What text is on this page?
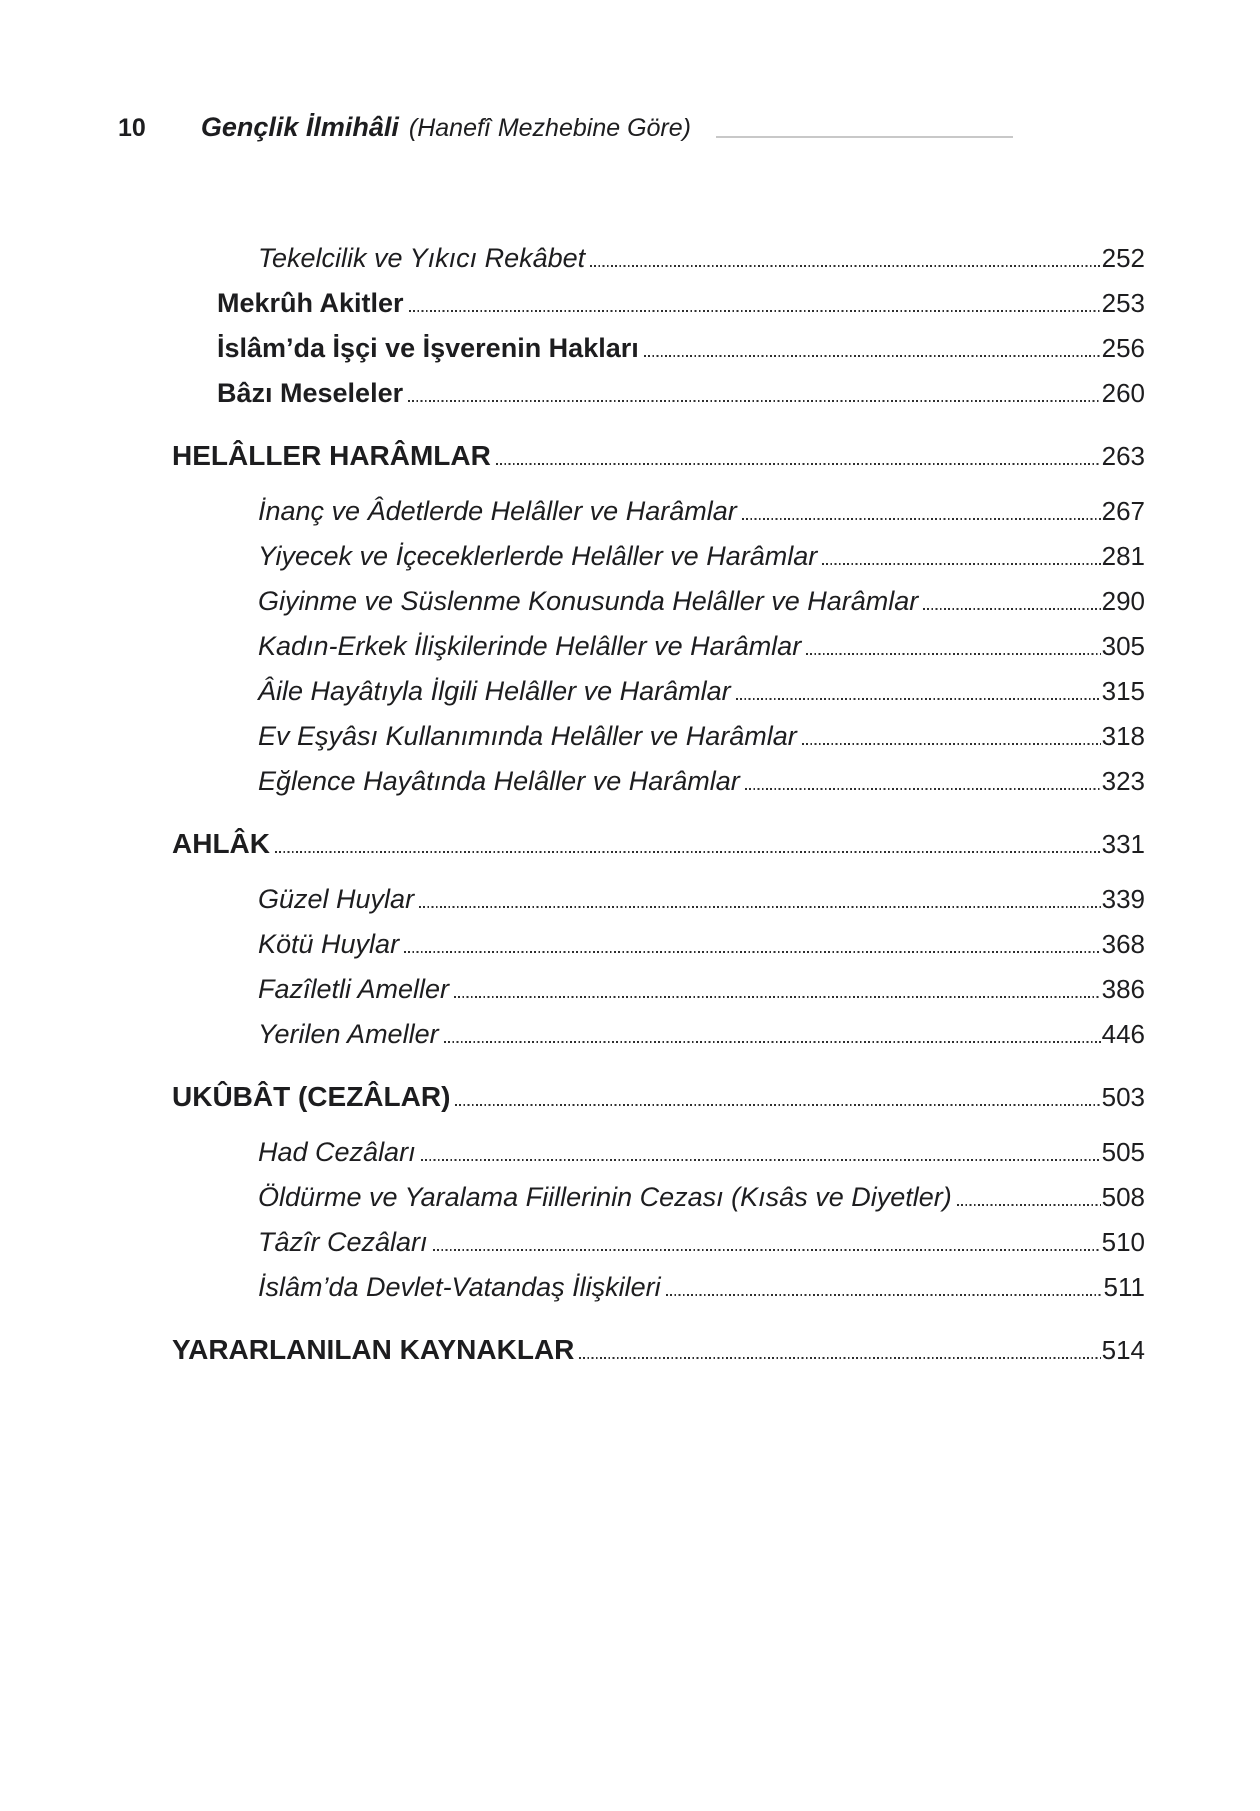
10 Gençlik İlmihâli (Hanefî Mezhebine Göre)
Tekelcilik ve Yıkıcı Rekâbet	252
Mekrûh Akitler	253
İslâm’da İşçi ve İşverenin Hakları	256
Bâzı Meseleler	260
HELÂLLER HARÂMLAR	263
İnanç ve Âdetlerde Helâller ve Harâmlar	267
Yiyecek ve İçeceklerlerde Helâller ve Harâmlar	281
Giyinme ve Süslenme Konusunda Helâller ve Harâmlar	290
Kadın-Erkek İlişkilerinde Helâller ve Harâmlar	305
Âile Hayâtıyla İlgili Helâller ve Harâmlar	315
Ev Eşyâsı Kullanımında Helâller ve Harâmlar	318
Eğlence Hayâtında Helâller ve Harâmlar	323
AHLÂK	331
Güzel Huylar	339
Kötü Huylar	368
Fazîletli Ameller	386
Yerilen Ameller	446
UKÛBÂT (CEZÂLAR)	503
Had Cezâları	505
Öldürme ve Yaralama Fiillerinin Cezası (Kısâs ve Diyetler)	508
Tâzîr Cezâları	510
İslâm’da Devlet-Vatandaş İlişkileri	511
YARARLANILAN KAYNAKLAR	514
